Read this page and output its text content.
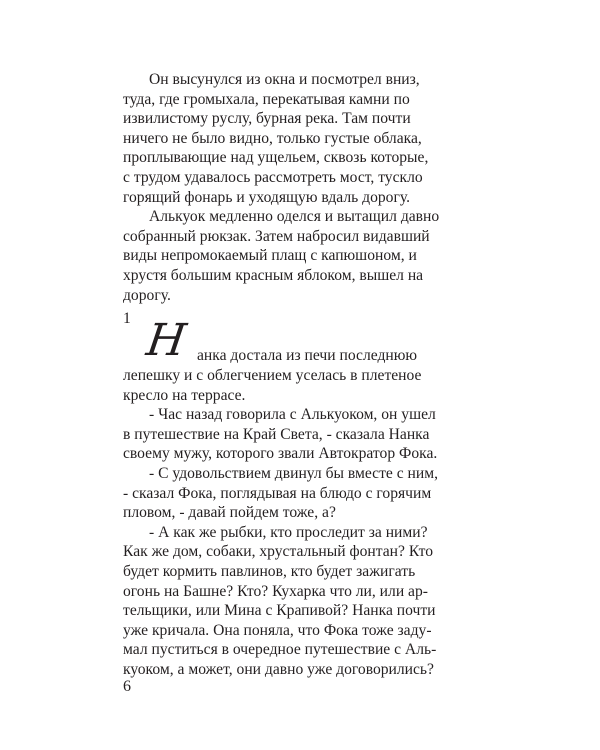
Он высунулся из окна и посмотрел вниз,
туда, где громыхала, перекатывая камни по
извилистому руслу, бурная река. Там почти
ничего не было видно, только густые облака,
проплывающие над ущельем, сквозь которые,
с трудом удавалось рассмотреть мост, тускло
горящий фонарь и уходящую вдаль дорогу.
Алькуок медленно оделся и вытащил давно
собранный рюкзак. Затем набросил видавший
виды непромокаемый плащ с капюшоном, и
хрустя большим красным яблоком, вышел на
дорогу.
1 Н анка достала из печи последнюю
лепешку и с облегчением уселась в плетеное
кресло на террасе.
- Час назад говорила с Алькуоком, он ушел
в путешествие на Край Света, - сказала Нанка
своему мужу, которого звали Автократор Фока.
- С удовольствием двинул бы вместе с ним,
- сказал Фока, поглядывая на блюдо с горячим
пловом, - давай пойдем тоже, а?
- А как же рыбки, кто проследит за ними?
Как же дом, собаки, хрустальный фонтан? Кто
будет кормить павлинов, кто будет зажигать
огонь на Башне? Кто? Кухарка что ли, или ар-
тельщики, или Мина с Крапивой? Нанка почти
уже кричала. Она поняла, что Фока тоже заду-
мал пуститься в очередное путешествие с Аль-
куоком, а может, они давно уже договорились?
6
